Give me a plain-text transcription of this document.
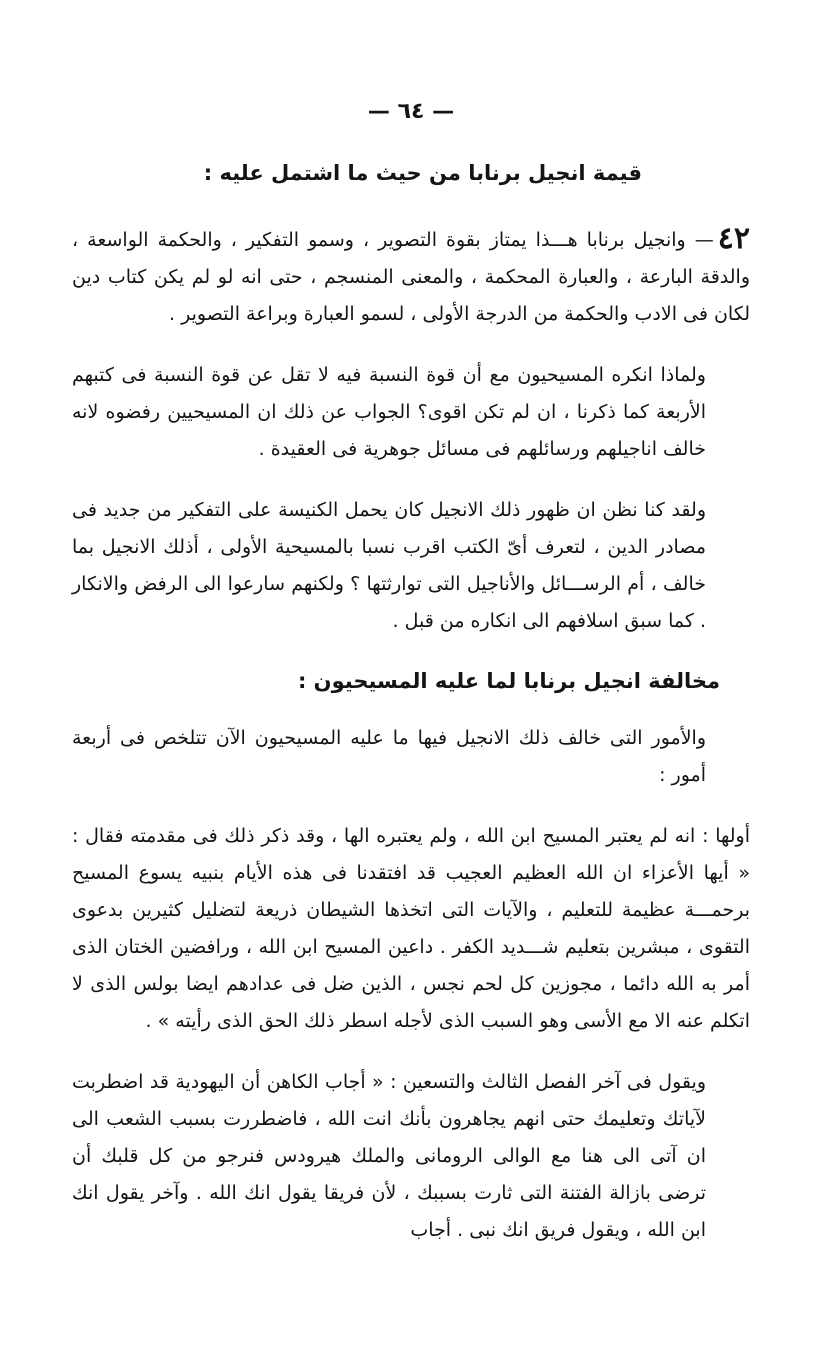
— ٦٤ —
قيمة انجيل برنابا من حيث ما اشتمل عليه :
٤٢— وانجيل برنابا هـــذا يمتاز بقوة التصوير ، وسمو التفكير ، والحكمة الواسعة ، والدقة البارعة ، والعبارة المحكمة ، والمعنى المنسجم ، حتى انه لو لم يكن كتاب دين لكان فى الادب والحكمة من الدرجة الأولى ، لسمو العبارة وبراعة التصوير .
ولماذا انكره المسيحيون مع أن قوة النسبة فيه لا تقل عن قوة النسبة فى كتبهم الأربعة كما ذكرنا ، ان لم تكن اقوى؟ الجواب عن ذلك ان المسيحيين رفضوه لانه خالف اناجيلهم ورسائلهم فى مسائل جوهرية فى العقيدة .
ولقد كنا نظن ان ظهور ذلك الانجيل كان يحمل الكنيسة على التفكير من جديد فى مصادر الدين ، لتعرف أىّ الكتب اقرب نسبا بالمسيحية الأولى ، أذلك الانجيل بما خالف ، أم الرســـائل والأناجيل التى توارثتها ؟ ولكنهم سارعوا الى الرفض والانكار . كما سبق اسلافهم الى انكاره من قبل .
مخالفة انجيل برنابا لما عليه المسيحيون :
والأمور التى خالف ذلك الانجيل فيها ما عليه المسيحيون الآن تتلخص فى أربعة أمور :
أولها : انه لم يعتبر المسيح ابن الله ، ولم يعتبره الها ، وقد ذكر ذلك فى مقدمته فقال : « أيها الأعزاء ان الله العظيم العجيب قد افتقدنا فى هذه الأيام بنبيه يسوع المسيح برحمـــة عظيمة للتعليم ، والآيات التى اتخذها الشيطان ذريعة لتضليل كثيرين بدعوى التقوى ، مبشرين بتعليم شـــديد الكفر . داعين المسيح ابن الله ، ورافضين الختان الذى أمر به الله دائما ، مجوزين كل لحم نجس ، الذين ضل فى عدادهم ايضا بولس الذى لا اتكلم عنه الا مع الأسى وهو السبب الذى لأجله اسطر ذلك الحق الذى رأيته » .
ويقول فى آخر الفصل الثالث والتسعين : « أجاب الكاهن أن اليهودية قد اضطربت لآياتك وتعليمك حتى انهم يجاهرون بأنك انت الله ، فاضطررت بسبب الشعب الى ان آتى الى هنا مع الوالى الرومانى والملك هيرودس فنرجو من كل قلبك أن ترضى بازالة الفتنة التى ثارت بسببك ، لأن فريقا يقول انك الله . وآخر يقول انك ابن الله ، ويقول فريق انك نبى . أجاب
